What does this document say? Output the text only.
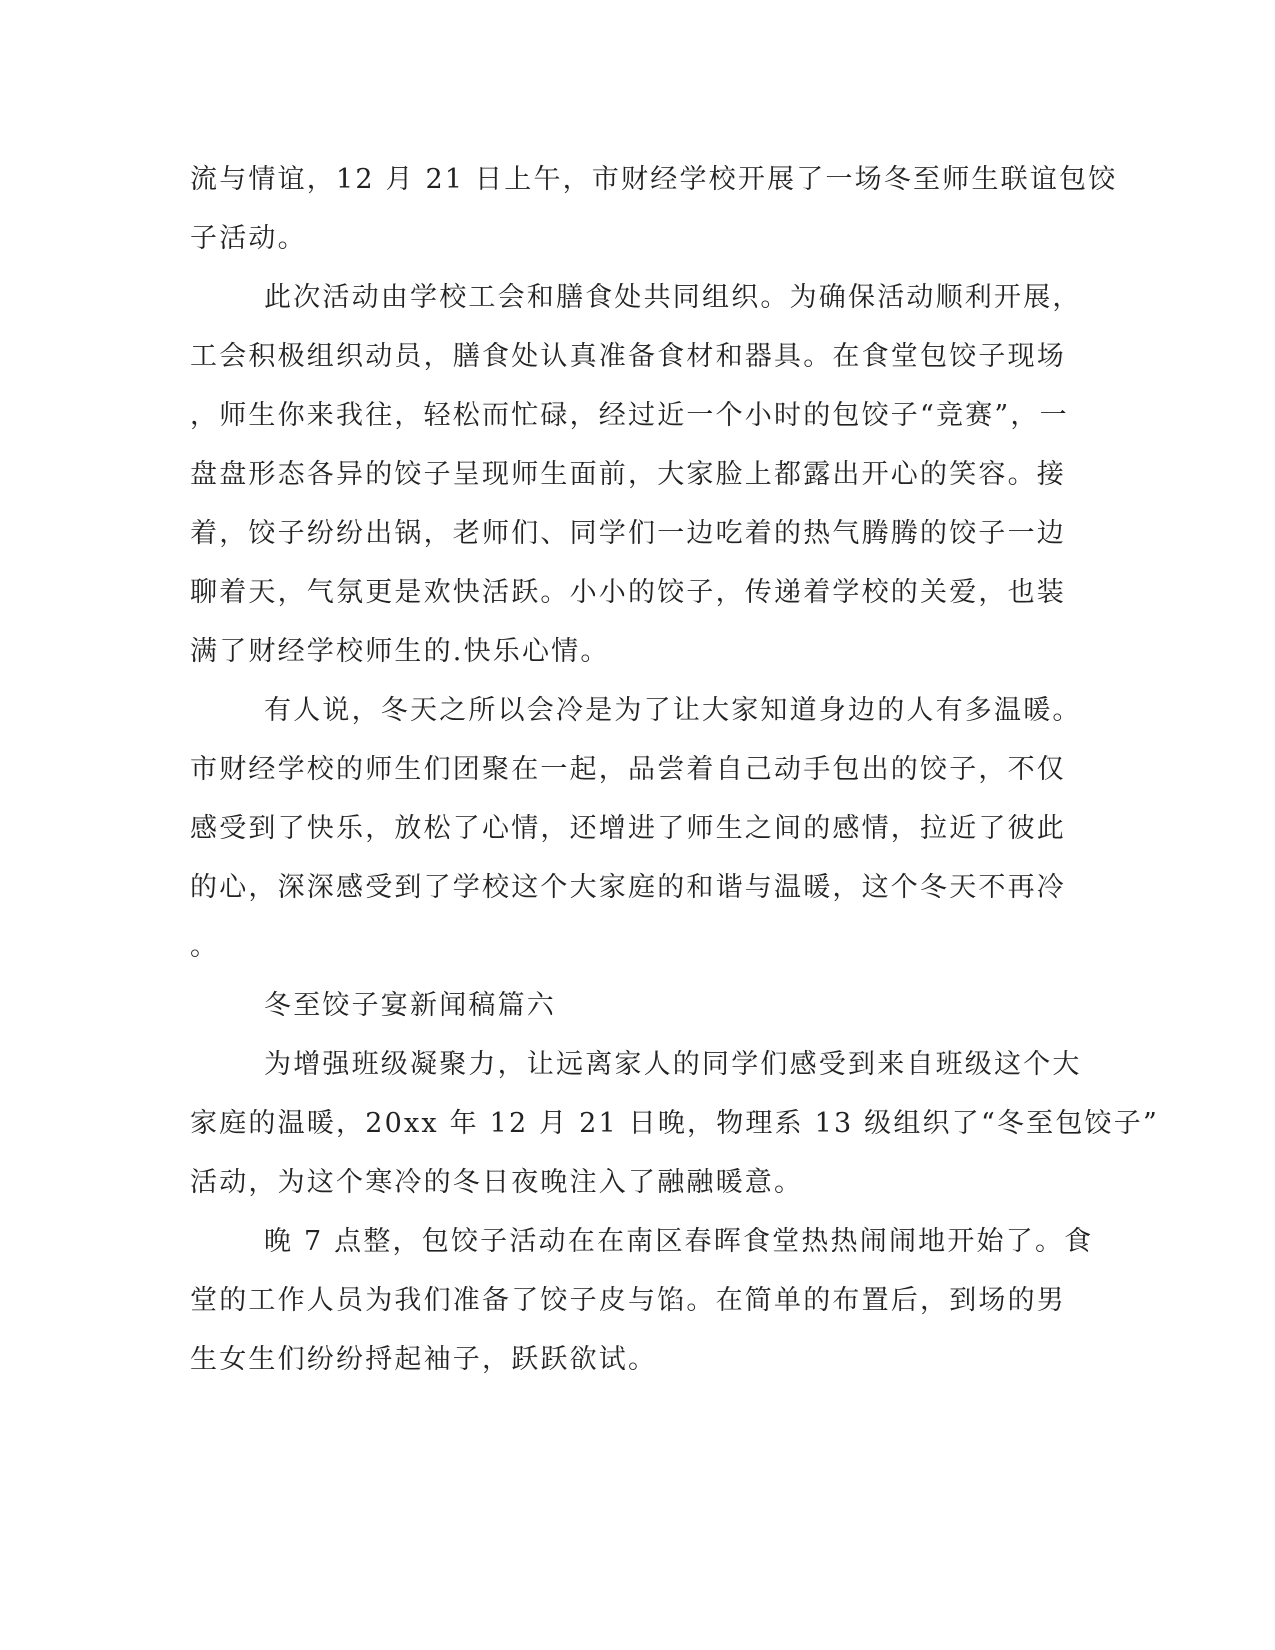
流与情谊，12 月 21 日上午，市财经学校开展了一场冬至师生联谊包饺
子活动。
此次活动由学校工会和膳食处共同组织。为确保活动顺利开展，
工会积极组织动员，膳食处认真准备食材和器具。在食堂包饺子现场
，师生你来我往，轻松而忙碌，经过近一个小时的包饺子“竞赛”，一
盘盘形态各异的饺子呈现师生面前，大家脸上都露出开心的笑容。接
着，饺子纷纷出锅，老师们、同学们一边吃着的热气腾腾的饺子一边
聊着天，气氛更是欢快活跃。小小的饺子，传递着学校的关爱，也装
满了财经学校师生的.快乐心情。
有人说，冬天之所以会冷是为了让大家知道身边的人有多温暖。
市财经学校的师生们团聚在一起，品尝着自己动手包出的饺子，不仅
感受到了快乐，放松了心情，还增进了师生之间的感情，拉近了彼此
的心，深深感受到了学校这个大家庭的和谐与温暖，这个冬天不再冷
。
冬至饺子宴新闻稿篇六
为增强班级凝聚力，让远离家人的同学们感受到来自班级这个大
家庭的温暖，20xx 年 12 月 21 日晚，物理系 13 级组织了“冬至包饺子”
活动，为这个寒冷的冬日夜晚注入了融融暖意。
晚 7 点整，包饺子活动在在南区春晖食堂热热闹闹地开始了。食
堂的工作人员为我们准备了饺子皮与馅。在简单的布置后，到场的男
生女生们纷纷捋起袖子，跃跃欲试。
